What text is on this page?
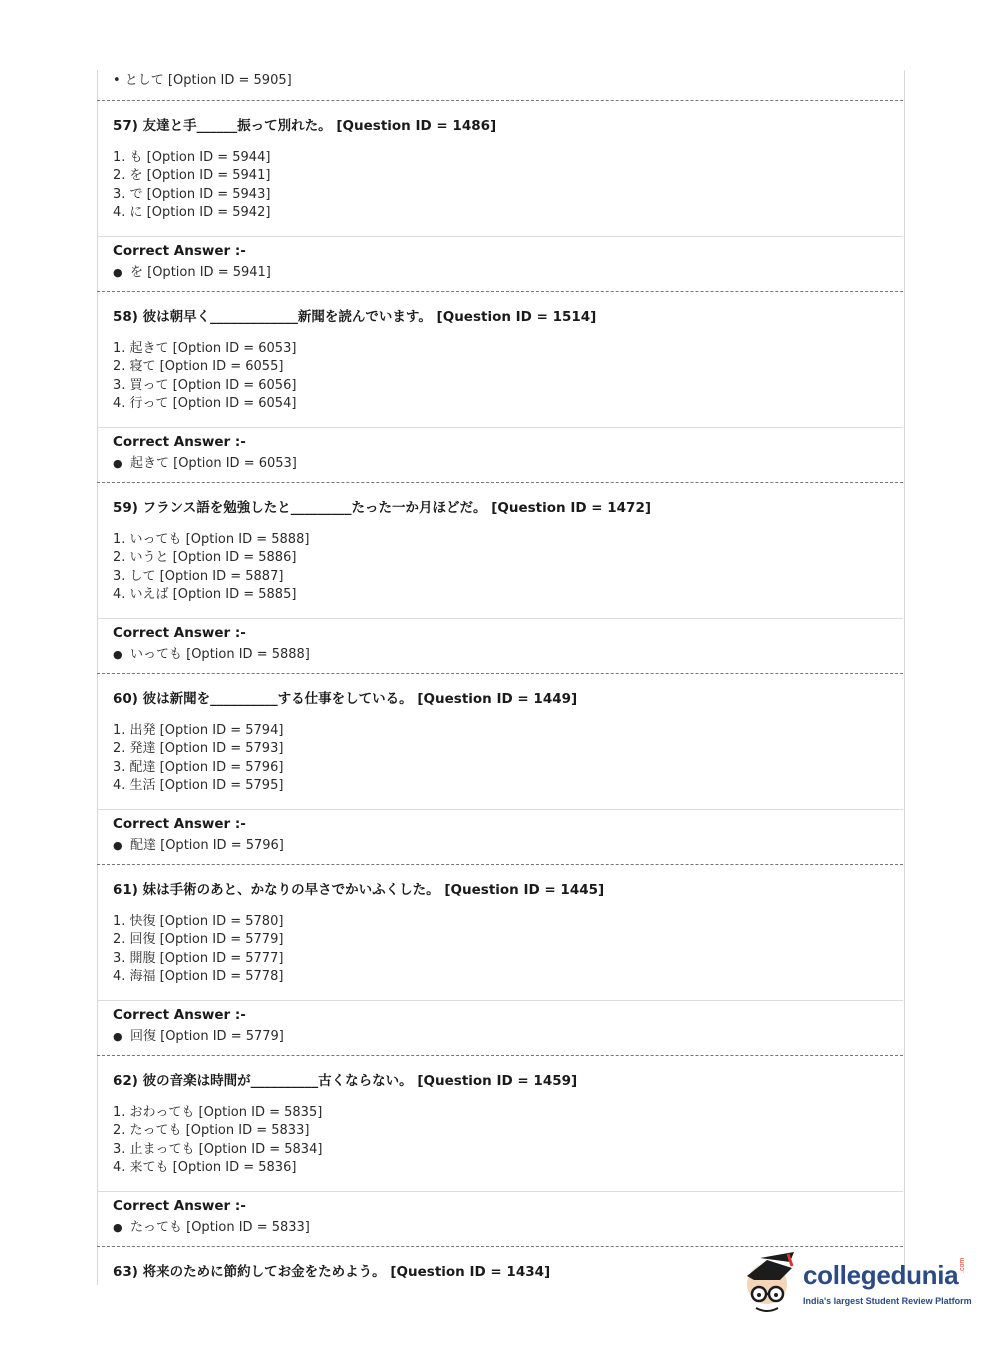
• として [Option ID = 5905]
57) 友達と手______振って別れた。 [Question ID = 1486]
1. も [Option ID = 5944]
2. を [Option ID = 5941]
3. で [Option ID = 5943]
4. に [Option ID = 5942]
Correct Answer :-
● を [Option ID = 5941]
58) 彼は朝早く_____________新聞を読んでいます。 [Question ID = 1514]
1. 起きて [Option ID = 6053]
2. 寝て [Option ID = 6055]
3. 買って [Option ID = 6056]
4. 行って [Option ID = 6054]
Correct Answer :-
● 起きて [Option ID = 6053]
59) フランス語を勉強したと_________たった一か月ほどだ。 [Question ID = 1472]
1. いっても [Option ID = 5888]
2. いうと [Option ID = 5886]
3. して [Option ID = 5887]
4. いえば [Option ID = 5885]
Correct Answer :-
● いっても [Option ID = 5888]
60) 彼は新聞を__________する仕事をしている。 [Question ID = 1449]
1. 出発 [Option ID = 5794]
2. 発達 [Option ID = 5793]
3. 配達 [Option ID = 5796]
4. 生活 [Option ID = 5795]
Correct Answer :-
● 配達 [Option ID = 5796]
61) 妹は手術のあと、かなりの早さでかいふくした。 [Question ID = 1445]
1. 快復 [Option ID = 5780]
2. 回復 [Option ID = 5779]
3. 開腹 [Option ID = 5777]
4. 海福 [Option ID = 5778]
Correct Answer :-
● 回復 [Option ID = 5779]
62) 彼の音楽は時間が__________古くならない。 [Question ID = 1459]
1. おわっても [Option ID = 5835]
2. たっても [Option ID = 5833]
3. 止まっても [Option ID = 5834]
4. 来ても [Option ID = 5836]
Correct Answer :-
● たっても [Option ID = 5833]
63) 将来のために節約してお金をためよう。 [Question ID = 1434]	collegedunia .com
India's largest Student Review Platform
